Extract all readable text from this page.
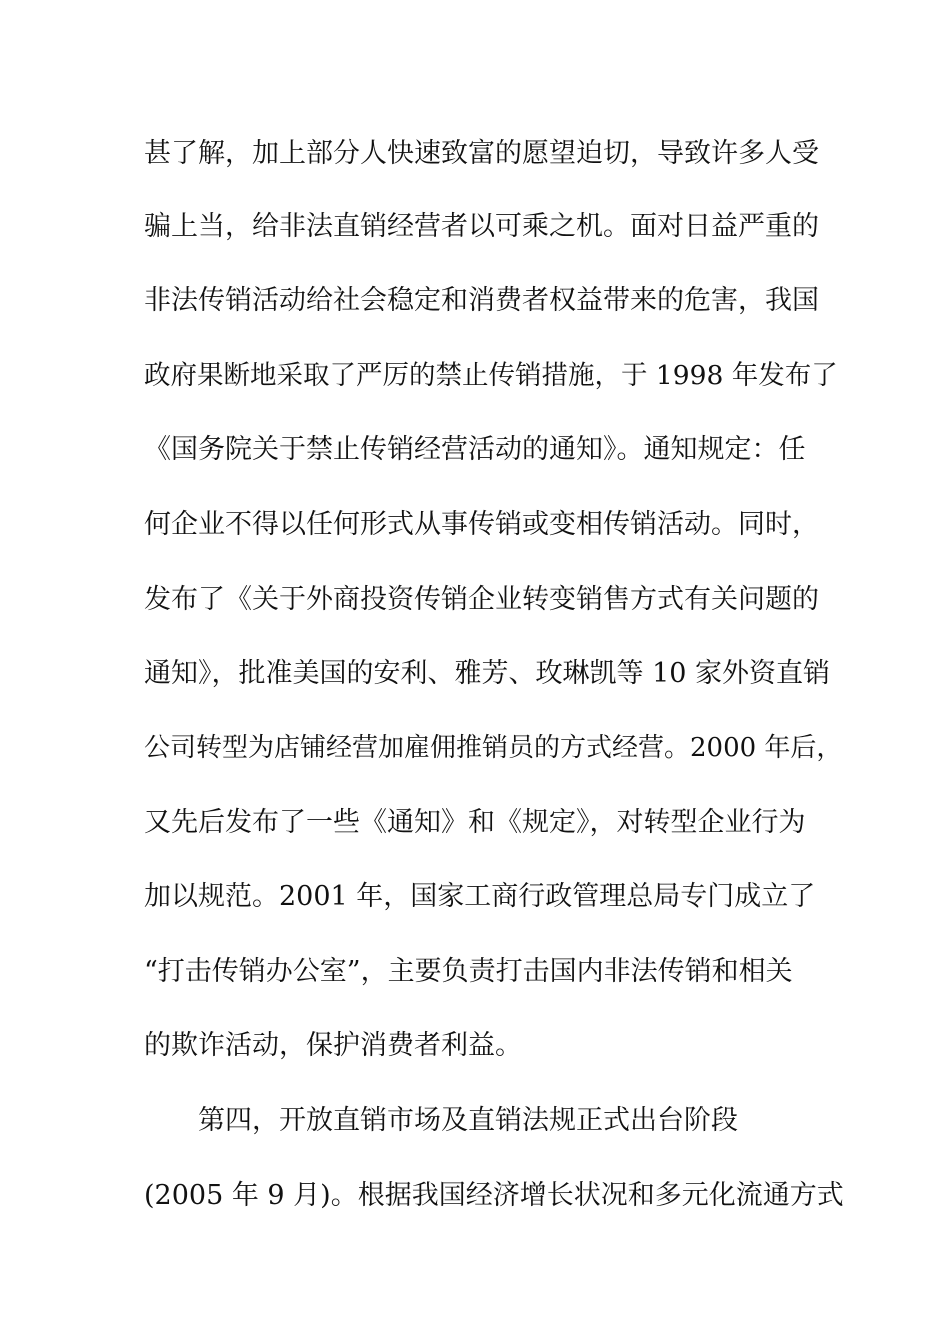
甚了解，加上部分人快速致富的愿望迫切，导致许多人受
骗上当，给非法直销经营者以可乘之机。面对日益严重的
非法传销活动给社会稳定和消费者权益带来的危害，我国
政府果断地采取了严厉的禁止传销措施，于 1998 年发布了
《国务院关于禁止传销经营活动的通知》。通知规定：任
何企业不得以任何形式从事传销或变相传销活动。同时，
发布了《关于外商投资传销企业转变销售方式有关问题的
通知》，批准美国的安利、雅芳、玫琳凯等 10 家外资直销
公司转型为店铺经营加雇佣推销员的方式经营。2000 年后，
又先后发布了一些《通知》和《规定》，对转型企业行为
加以规范。2001 年，国家工商行政管理总局专门成立了
“打击传销办公室”，主要负责打击国内非法传销和相关
的欺诈活动，保护消费者利益。
　　第四，开放直销市场及直销法规正式出台阶段
(2005 年 9 月)。根据我国经济增长状况和多元化流通方式
